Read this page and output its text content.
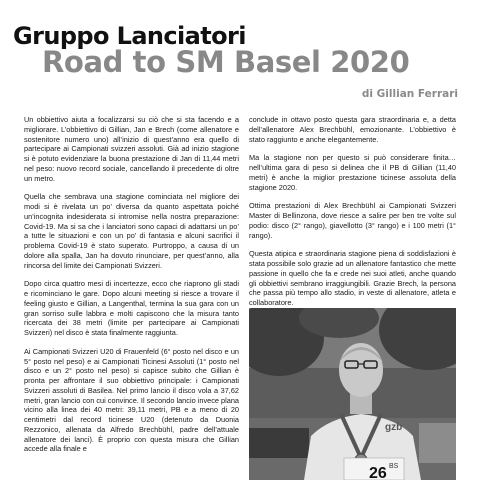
Gruppo Lanciatori
Road to SM Basel 2020
di Gillian Ferrari

Un obbiettivo aiuta a focalizzarsi su ciò che si sta facendo e a migliorare. L’obbiettivo di Gillian, Jan e Brech (come allenatore e sostenitore numero uno) all’inizio di quest’anno era quello di partecipare ai Campionati svizzeri assoluti. Già ad inizio stagione si è potuto evidenziare la buona prestazione di Jan di 11,44 metri nel peso: nuovo record sociale, cancellando il precedente di oltre un metro.

Quella che sembrava una stagione cominciata nel migliore dei modi si è rivelata un po’ diversa da quanto aspettata poiché un’incognita indesiderata si intromise nella nostra preparazione: Covid-19. Ma si sa che i lanciatori sono capaci di adattarsi un po’ a tutte le situazioni e con un po’ di fantasia e alcuni sacrifici il problema Covid-19 è stato superato. Purtroppo, a causa di un dolore alla spalla, Jan ha dovuto rinunciare, per quest’anno, alla rincorsa del limite dei Campionati Svizzeri.

Dopo circa quattro mesi di incertezze, ecco che riaprono gli stadi e ricominciano le gare. Dopo alcuni meeting si riesce a trovare il feeling giusto e Gillian, a Langenthal, termina la sua gara con un gran sorriso sulle labbra e molti capiscono che la misura tanto ricercata dei 38 metri (limite per partecipare ai Campionati Svizzeri) nel disco è stata finalmente raggiunta.

Ai Campionati Svizzeri U20 di Frauenfeld (6° posto nel disco e un 5° posto nel peso) e ai Campionati Ticinesi Assoluti (1° posto nel disco e un 2° posto nel peso) si capisce subito che Gillian è pronta per affrontare il suo obbiettivo principale: i Campionati Svizzeri assoluti di Basilea. Nel primo lancio il disco vola a 37,62 metri, gran lancio con cui convince. Il secondo lancio invece plana vicino alla linea dei 40 metri: 39,11 metri, PB e a meno di 20 centimetri dal record ticinese U20 (detenuto da Duonia Rezzonico, allenata da Alfredo Brechbühl, padre dell’attuale allenatore dei lanci). È proprio con questa misura che Gillian accede alla finale e

conclude in ottavo posto questa gara straordinaria e, a detta dell’allenatore Alex Brechbühl, emozionante. L’obbiettivo è stato raggiunto e anche elegantemente.

Ma la stagione non per questo si può considerare finita… nell’ultima gara di peso si delinea che il PB di Gillian (11,40 metri) è anche la miglior prestazione ticinese assoluta della stagione 2020.

Ottima prestazioni di Alex Brechbühl ai Campionati Svizzeri Master di Bellinzona, dove riesce a salire per ben tre volte sul podio: disco (2° rango), giavellotto (3° rango) e i 100 metri (1° rango).

Questa atipica e straordinaria stagione piena di soddisfazioni è stata possibile solo grazie ad un allenatore fantastico che mette passione in quello che fa e crede nei suoi atleti, anche quando gli obbiettivi sembrano irraggiungibili. Grazie Brech, la persona che passa più tempo allo stadio, in veste di allenatore, atleta e collaboratore.

gzb
BS
26
